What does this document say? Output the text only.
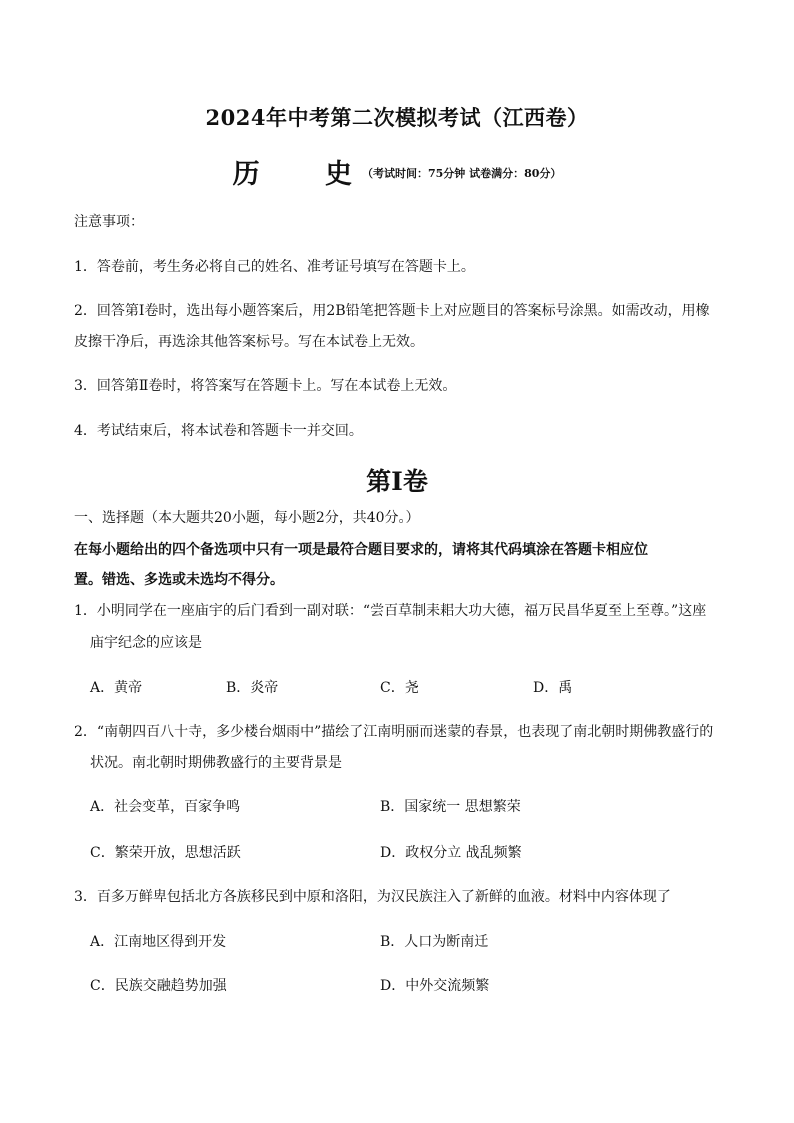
2024年中考第二次模拟考试（江西卷）
历 史$^{(考试时间:75分钟 试卷满分:80分)}$
注意事项：
1．答卷前，考生务必将自己的姓名、准考证号填写在答题卡上。
2．回答第Ⅰ卷时，选出每小题答案后，用2B铅笔把答题卡上对应题目的答案标号涂黑。如需改动，用橡
皮擦干净后，再选涂其他答案标号。写在本试卷上无效。
3．回答第Ⅱ卷时，将答案写在答题卡上。写在本试卷上无效。
4．考试结束后，将本试卷和答题卡一并交回。
第Ⅰ卷
一、选择题（本大题共20小题，每小题2分，共40分。）
在每小题给出的四个备选项中只有一项是最符合题目要求的，请将其代码填涂在答题卡相应位
置。错选、多选或未选均不得分。
1．小明同学在一座庙宇的后门看到一副对联：“尝百草制耒耜大功大德，福万民昌华夏至上至尊。”这座
庙宇纪念的应该是
A．黄帝	B．炎帝	C．尧	D．禹
2．“南朝四百八十寺，多少楼台烟雨中”描绘了江南明丽而迷蒙的春景，也表现了南北朝时期佛教盛行的
状况。南北朝时期佛教盛行的主要背景是
A．社会变革，百家争鸣	B．国家统一 思想繁荣
C．繁荣开放，思想活跃	D．政权分立 战乱频繁
3．百多万鲜卑包括北方各族移民到中原和洛阳，为汉民族注入了新鲜的血液。材料中内容体现了
A．江南地区得到开发	B．人口为断南迁
C．民族交融趋势加强	D．中外交流频繁
